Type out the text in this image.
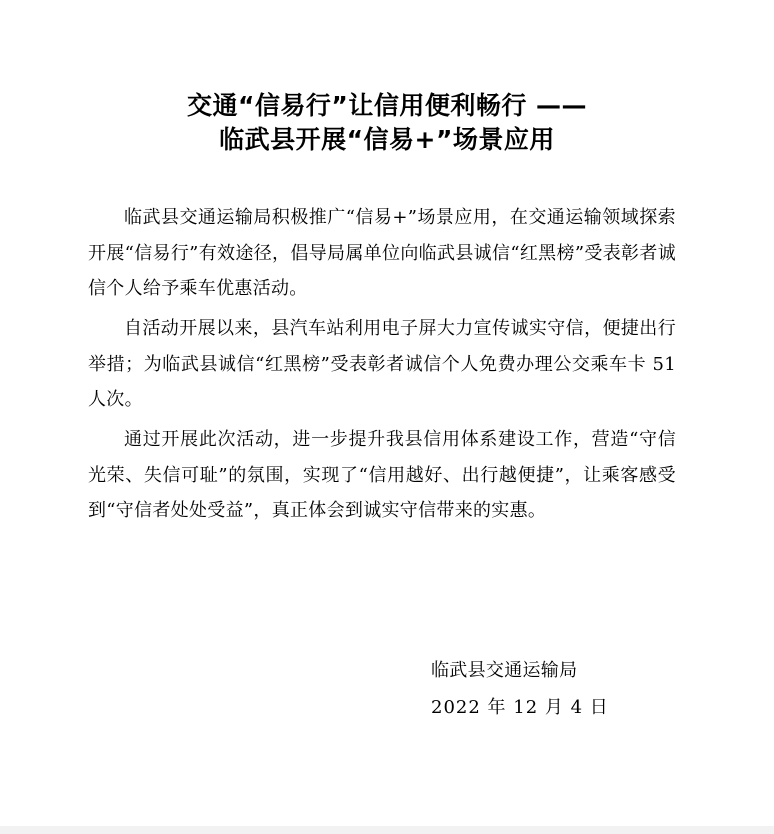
交通“信易行”让信用便利畅行 ——
临武县开展“信易+”场景应用

临武县交通运输局积极推广“信易+”场景应用，在交通运输领域探索开展“信易行”有效途径，倡导局属单位向临武县诚信“红黑榜”受表彰者诚信个人给予乘车优惠活动。

自活动开展以来，县汽车站利用电子屏大力宣传诚实守信，便捷出行举措；为临武县诚信“红黑榜”受表彰者诚信个人免费办理公交乘车卡 51 人次。

通过开展此次活动，进一步提升我县信用体系建设工作，营造“守信光荣、失信可耻”的氛围，实现了“信用越好、出行越便捷”，让乘客感受到“守信者处处受益”，真正体会到诚实守信带来的实惠。

临武县交通运输局
2022 年 12 月 4 日
